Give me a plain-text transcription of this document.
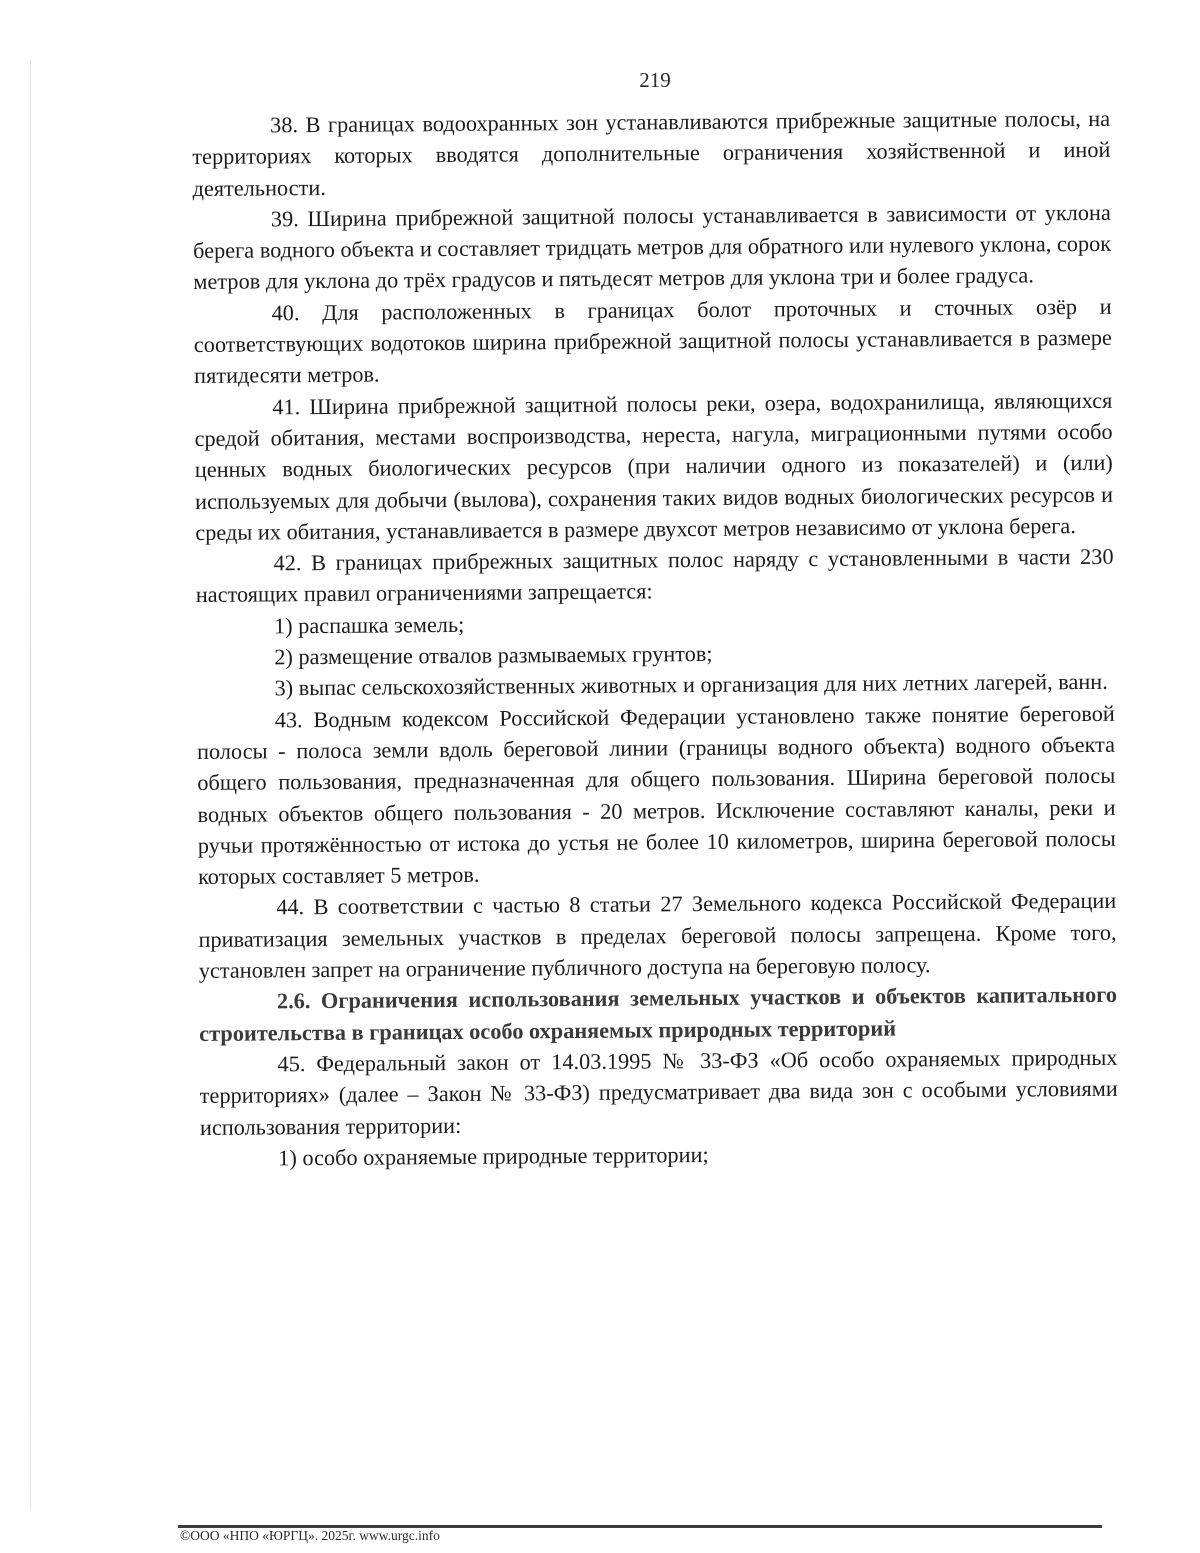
219

38. В границах водоохранных зон устанавливаются прибрежные защитные полосы, на территориях которых вводятся дополнительные ограничения хозяйственной и иной деятельности.

39. Ширина прибрежной защитной полосы устанавливается в зависимости от уклона берега водного объекта и составляет тридцать метров для обратного или нулевого уклона, сорок метров для уклона до трёх градусов и пятьдесят метров для уклона три и более градуса.

40. Для расположенных в границах болот проточных и сточных озёр и соответствующих водотоков ширина прибрежной защитной полосы устанавливается в размере пятидесяти метров.

41. Ширина прибрежной защитной полосы реки, озера, водохранилища, являющихся средой обитания, местами воспроизводства, нереста, нагула, миграционными путями особо ценных водных биологических ресурсов (при наличии одного из показателей) и (или) используемых для добычи (вылова), сохранения таких видов водных биологических ресурсов и среды их обитания, устанавливается в размере двухсот метров независимо от уклона берега.

42. В границах прибрежных защитных полос наряду с установленными в части 230 настоящих правил ограничениями запрещается:

1) распашка земель;

2) размещение отвалов размываемых грунтов;

3) выпас сельскохозяйственных животных и организация для них летних лагерей, ванн.

43. Водным кодексом Российской Федерации установлено также понятие береговой полосы - полоса земли вдоль береговой линии (границы водного объекта) водного объекта общего пользования, предназначенная для общего пользования. Ширина береговой полосы водных объектов общего пользования - 20 метров. Исключение составляют каналы, реки и ручьи протяжённостью от истока до устья не более 10 километров, ширина береговой полосы которых составляет 5 метров.

44. В соответствии с частью 8 статьи 27 Земельного кодекса Российской Федерации приватизация земельных участков в пределах береговой полосы запрещена. Кроме того, установлен запрет на ограничение публичного доступа на береговую полосу.

2.6. Ограничения использования земельных участков и объектов капитального строительства в границах особо охраняемых природных территорий

45. Федеральный закон от 14.03.1995 № 33-ФЗ «Об особо охраняемых природных территориях» (далее – Закон № 33-ФЗ) предусматривает два вида зон с особыми условиями использования территории:

1) особо охраняемые природные территории;

©ООО «НПО «ЮРГЦ». 2025г. www.urgc.info
